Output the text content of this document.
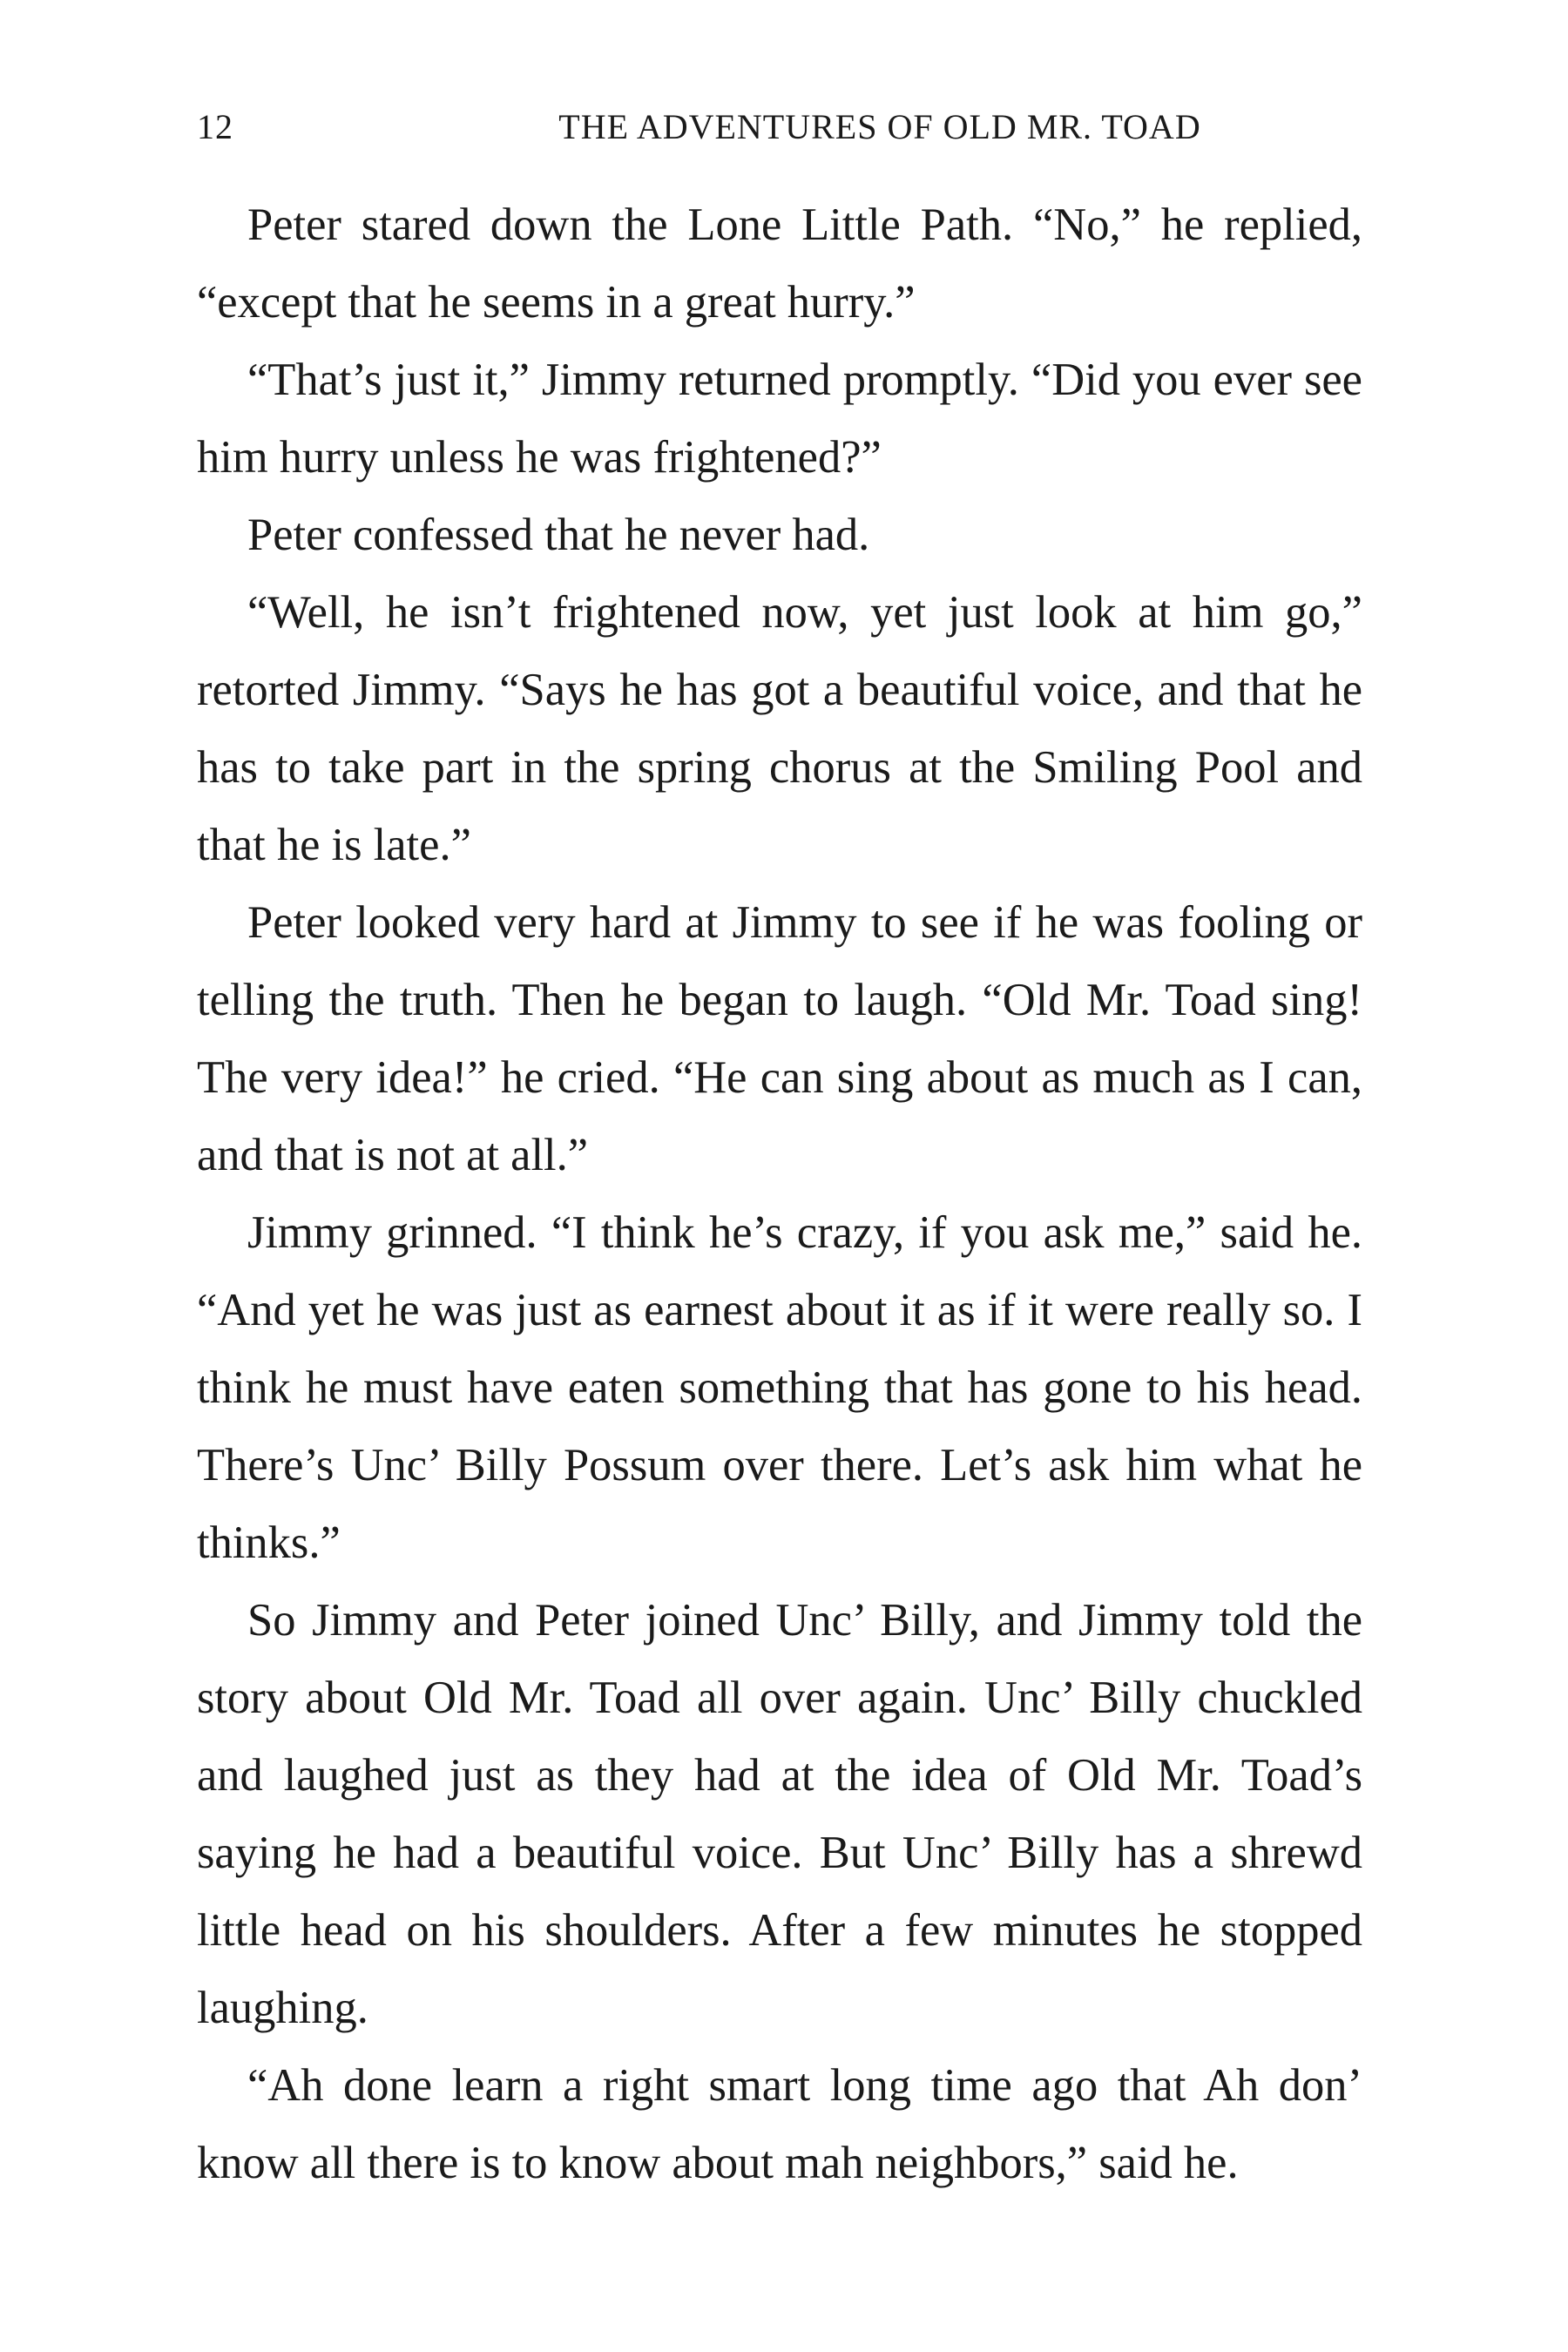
12	THE ADVENTURES OF OLD MR. TOAD

Peter stared down the Lone Little Path. “No,” he replied, “except that he seems in a great hurry.”

“That’s just it,” Jimmy returned promptly. “Did you ever see him hurry unless he was frightened?”

Peter confessed that he never had.

“Well, he isn’t frightened now, yet just look at him go,” retorted Jimmy. “Says he has got a beautiful voice, and that he has to take part in the spring chorus at the Smiling Pool and that he is late.”

Peter looked very hard at Jimmy to see if he was fooling or telling the truth. Then he began to laugh. “Old Mr. Toad sing! The very idea!” he cried. “He can sing about as much as I can, and that is not at all.”

Jimmy grinned. “I think he’s crazy, if you ask me,” said he. “And yet he was just as earnest about it as if it were really so. I think he must have eaten something that has gone to his head. There’s Unc’ Billy Possum over there. Let’s ask him what he thinks.”

So Jimmy and Peter joined Unc’ Billy, and Jimmy told the story about Old Mr. Toad all over again. Unc’ Billy chuckled and laughed just as they had at the idea of Old Mr. Toad’s saying he had a beautiful voice. But Unc’ Billy has a shrewd little head on his shoulders. After a few minutes he stopped laughing.

“Ah done learn a right smart long time ago that Ah don’ know all there is to know about mah neighbors,” said he.
